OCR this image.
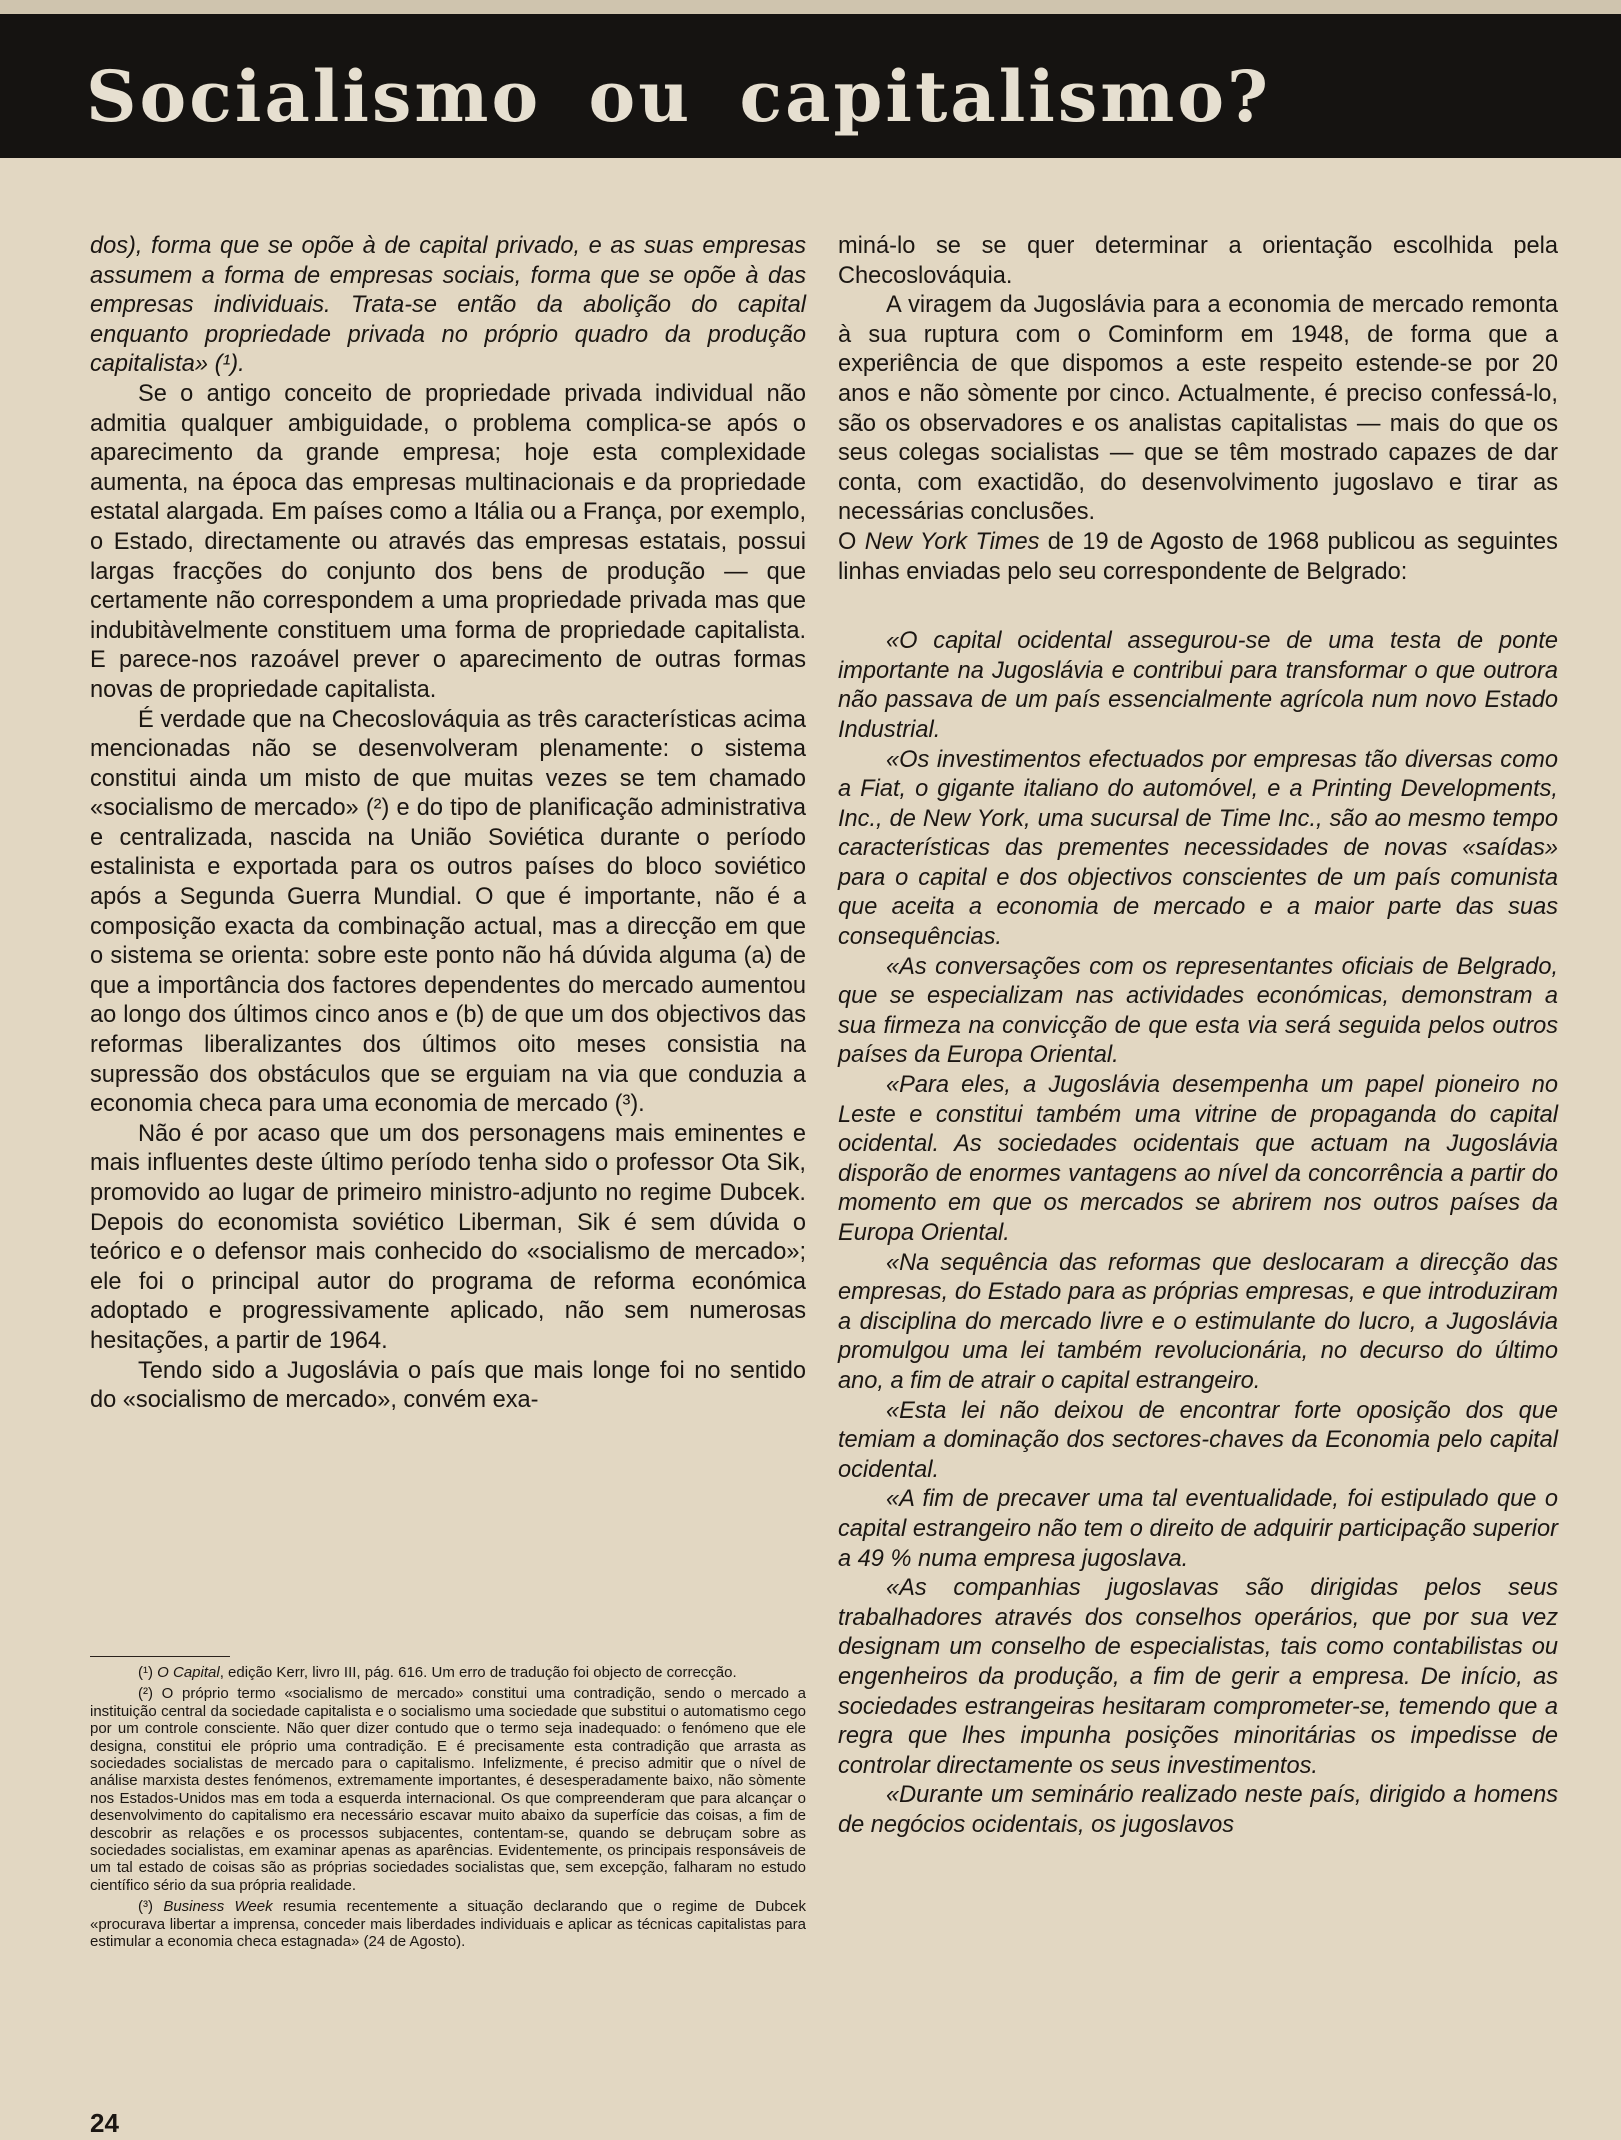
Socialismo ou capitalismo?

dos), forma que se opõe à de capital privado, e as suas empresas assumem a forma de empresas sociais, forma que se opõe à das empresas individuais. Trata-se então da abolição do capital enquanto propriedade privada no próprio quadro da produção capitalista» (¹).

Se o antigo conceito de propriedade privada individual não admitia qualquer ambiguidade, o problema complica-se após o aparecimento da grande empresa; hoje esta complexidade aumenta, na época das empresas multinacionais e da propriedade estatal alargada. Em países como a Itália ou a França, por exemplo, o Estado, directamente ou através das empresas estatais, possui largas fracções do conjunto dos bens de produção — que certamente não correspondem a uma propriedade privada mas que indubitàvelmente constituem uma forma de propriedade capitalista. E parece-nos razoável prever o aparecimento de outras formas novas de propriedade capitalista.

É verdade que na Checoslováquia as três características acima mencionadas não se desenvolveram plenamente: o sistema constitui ainda um misto de que muitas vezes se tem chamado «socialismo de mercado» (²) e do tipo de planificação administrativa e centralizada, nascida na União Soviética durante o período estalinista e exportada para os outros países do bloco soviético após a Segunda Guerra Mundial. O que é importante, não é a composição exacta da combinação actual, mas a direcção em que o sistema se orienta: sobre este ponto não há dúvida alguma (a) de que a importância dos factores dependentes do mercado aumentou ao longo dos últimos cinco anos e (b) de que um dos objectivos das reformas liberalizantes dos últimos oito meses consistia na supressão dos obstáculos que se erguiam na via que conduzia a economia checa para uma economia de mercado (³).

Não é por acaso que um dos personagens mais eminentes e mais influentes deste último período tenha sido o professor Ota Sik, promovido ao lugar de primeiro ministro-adjunto no regime Dubcek. Depois do economista soviético Liberman, Sik é sem dúvida o teórico e o defensor mais conhecido do «socialismo de mercado»; ele foi o principal autor do programa de reforma económica adoptado e progressivamente aplicado, não sem numerosas hesitações, a partir de 1964.

Tendo sido a Jugoslávia o país que mais longe foi no sentido do «socialismo de mercado», convém exa-

miná-lo se se quer determinar a orientação escolhida pela Checoslováquia.

A viragem da Jugoslávia para a economia de mercado remonta à sua ruptura com o Cominform em 1948, de forma que a experiência de que dispomos a este respeito estende-se por 20 anos e não sòmente por cinco. Actualmente, é preciso confessá-lo, são os observadores e os analistas capitalistas — mais do que os seus colegas socialistas — que se têm mostrado capazes de dar conta, com exactidão, do desenvolvimento jugoslavo e tirar as necessárias conclusões.

O New York Times de 19 de Agosto de 1968 publicou as seguintes linhas enviadas pelo seu correspondente de Belgrado:

«O capital ocidental assegurou-se de uma testa de ponte importante na Jugoslávia e contribui para transformar o que outrora não passava de um país essencialmente agrícola num novo Estado Industrial.

«Os investimentos efectuados por empresas tão diversas como a Fiat, o gigante italiano do automóvel, e a Printing Developments, Inc., de New York, uma sucursal de Time Inc., são ao mesmo tempo características das prementes necessidades de novas «saídas» para o capital e dos objectivos conscientes de um país comunista que aceita a economia de mercado e a maior parte das suas consequências.

«As conversações com os representantes oficiais de Belgrado, que se especializam nas actividades económicas, demonstram a sua firmeza na convicção de que esta via será seguida pelos outros países da Europa Oriental.

«Para eles, a Jugoslávia desempenha um papel pioneiro no Leste e constitui também uma vitrine de propaganda do capital ocidental. As sociedades ocidentais que actuam na Jugoslávia disporão de enormes vantagens ao nível da concorrência a partir do momento em que os mercados se abrirem nos outros países da Europa Oriental.

«Na sequência das reformas que deslocaram a direcção das empresas, do Estado para as próprias empresas, e que introduziram a disciplina do mercado livre e o estimulante do lucro, a Jugoslávia promulgou uma lei também revolucionária, no decurso do último ano, a fim de atrair o capital estrangeiro.

«Esta lei não deixou de encontrar forte oposição dos que temiam a dominação dos sectores-chaves da Economia pelo capital ocidental.

«A fim de precaver uma tal eventualidade, foi estipulado que o capital estrangeiro não tem o direito de adquirir participação superior a 49 % numa empresa jugoslava.

«As companhias jugoslavas são dirigidas pelos seus trabalhadores através dos conselhos operários, que por sua vez designam um conselho de especialistas, tais como contabilistas ou engenheiros da produção, a fim de gerir a empresa. De início, as sociedades estrangeiras hesitaram comprometer-se, temendo que a regra que lhes impunha posições minoritárias os impedisse de controlar directamente os seus investimentos.

«Durante um seminário realizado neste país, dirigido a homens de negócios ocidentais, os jugoslavos

(¹) O Capital, edição Kerr, livro III, pág. 616. Um erro de tradução foi objecto de correcção.

(²) O próprio termo «socialismo de mercado» constitui uma contradição, sendo o mercado a instituição central da sociedade capitalista e o socialismo uma sociedade que substitui o automatismo cego por um controle consciente. Não quer dizer contudo que o termo seja inadequado: o fenómeno que ele designa, constitui ele próprio uma contradição. E é precisamente esta contradição que arrasta as sociedades socialistas de mercado para o capitalismo. Infelizmente, é preciso admitir que o nível de análise marxista destes fenómenos, extremamente importantes, é desesperadamente baixo, não sòmente nos Estados-Unidos mas em toda a esquerda internacional. Os que compreenderam que para alcançar o desenvolvimento do capitalismo era necessário escavar muito abaixo da superfície das coisas, a fim de descobrir as relações e os processos subjacentes, contentam-se, quando se debruçam sobre as sociedades socialistas, em examinar apenas as aparências. Evidentemente, os principais responsáveis de um tal estado de coisas são as próprias sociedades socialistas que, sem excepção, falharam no estudo científico sério da sua própria realidade.

(³) Business Week resumia recentemente a situação declarando que o regime de Dubcek «procurava libertar a imprensa, conceder mais liberdades individuais e aplicar as técnicas capitalistas para estimular a economia checa estagnada» (24 de Agosto).

24
